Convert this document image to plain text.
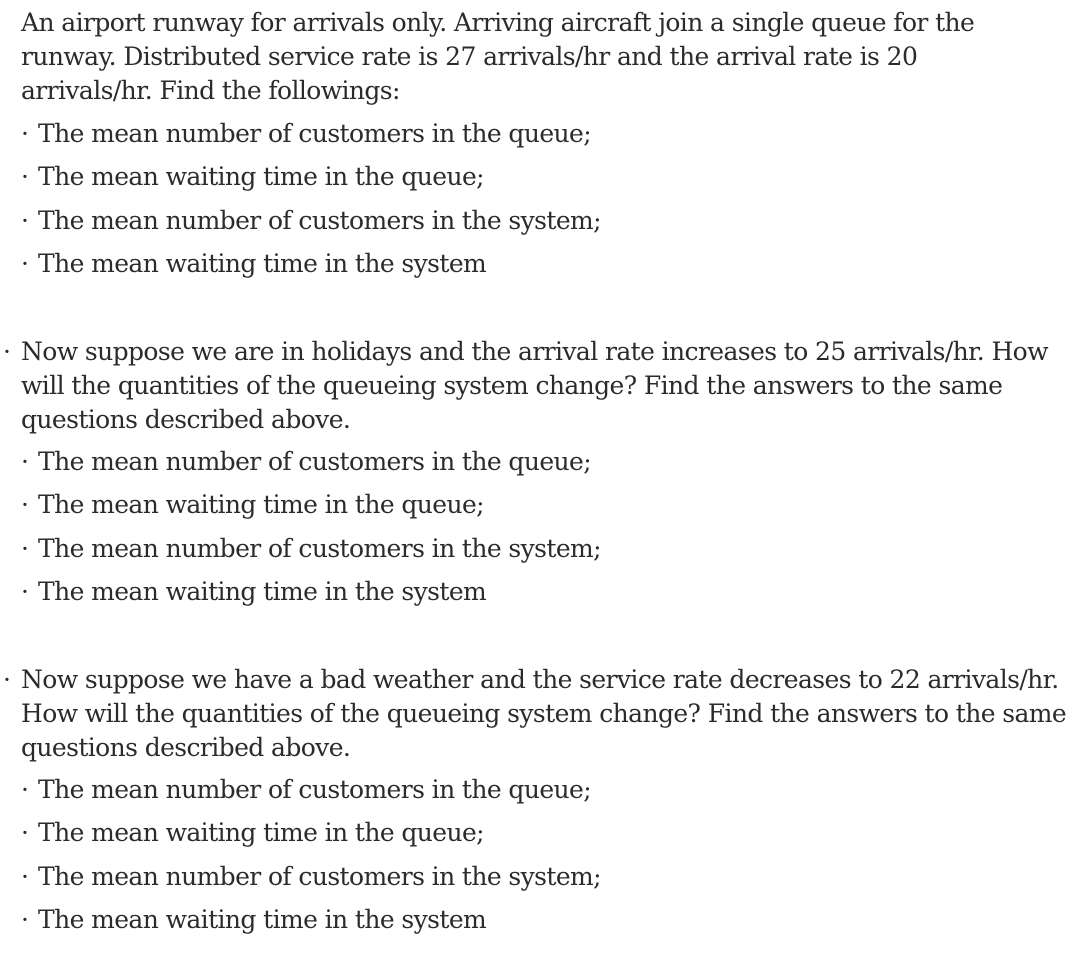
An airport runway for arrivals only. Arriving aircraft join a single queue for the
runway. Distributed service rate is 27 arrivals/hr and the arrival rate is 20
arrivals/hr. Find the followings:
· The mean number of customers in the queue;
· The mean waiting time in the queue;
· The mean number of customers in the system;
· The mean waiting time in the system
· Now suppose we are in holidays and the arrival rate increases to 25 arrivals/hr. How
will the quantities of the queueing system change? Find the answers to the same
questions described above.
· The mean number of customers in the queue;
· The mean waiting time in the queue;
· The mean number of customers in the system;
· The mean waiting time in the system
· Now suppose we have a bad weather and the service rate decreases to 22 arrivals/hr.
How will the quantities of the queueing system change? Find the answers to the same
questions described above.
· The mean number of customers in the queue;
· The mean waiting time in the queue;
· The mean number of customers in the system;
· The mean waiting time in the system
